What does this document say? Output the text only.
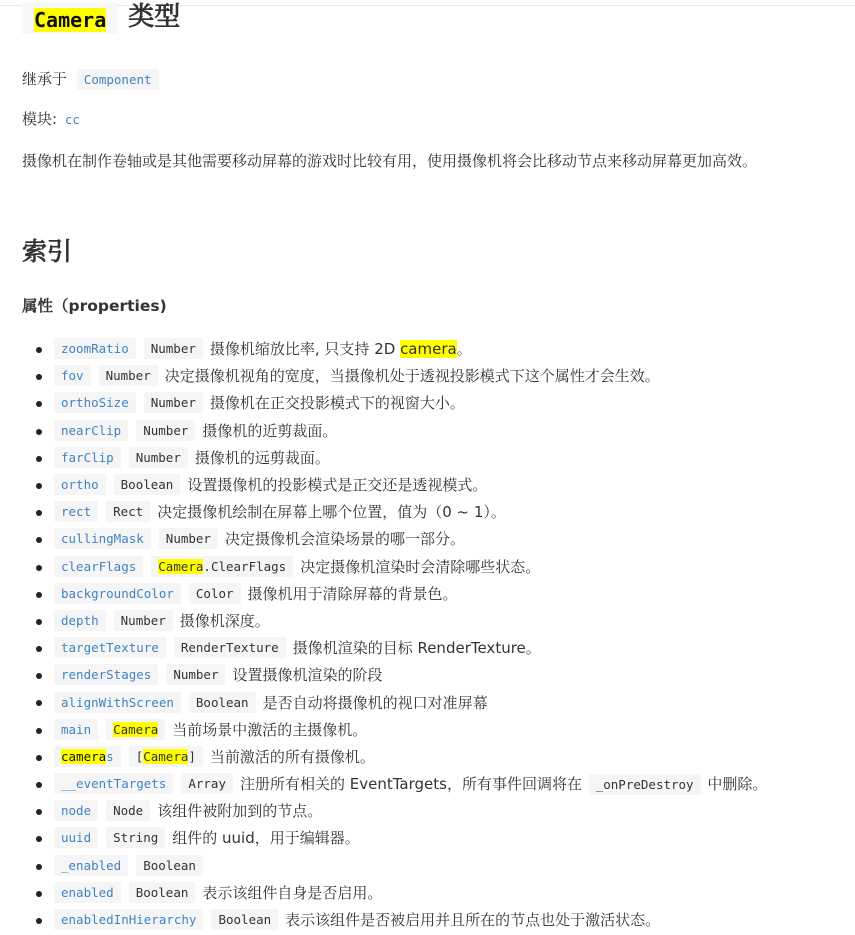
Camera 类型
继承于 Component
模块: cc
摄像机在制作卷轴或是其他需要移动屏幕的游戏时比较有用，使用摄像机将会比移动节点来移动屏幕更加高效。
索引
属性（properties)
zoomRatio	Number 摄像机缩放比率, 只支持 2D camera。
fov	Number 决定摄像机视角的宽度，当摄像机处于透视投影模式下这个属性才会生效。
orthoSize	Number 摄像机在正交投影模式下的视窗大小。
nearClip	Number 摄像机的近剪裁面。
farClip	Number 摄像机的远剪裁面。
ortho	Boolean 设置摄像机的投影模式是正交还是透视模式。
rect	Rect 决定摄像机绘制在屏幕上哪个位置，值为（0 ~ 1）。
cullingMask	Number 决定摄像机会渲染场景的哪一部分。
clearFlags	Camera.ClearFlags 决定摄像机渲染时会清除哪些状态。
backgroundColor	Color 摄像机用于清除屏幕的背景色。
depth	Number 摄像机深度。
targetTexture	RenderTexture 摄像机渲染的目标 RenderTexture。
renderStages	Number 设置摄像机渲染的阶段
alignWithScreen	Boolean 是否自动将摄像机的视口对准屏幕
main	Camera 当前场景中激活的主摄像机。
cameras	[Camera] 当前激活的所有摄像机。
__eventTargets	Array 注册所有相关的 EventTargets，所有事件回调将在 _onPreDestroy 中删除。
node	Node 该组件被附加到的节点。
uuid	String 组件的 uuid，用于编辑器。
_enabled	Boolean
enabled	Boolean 表示该组件自身是否启用。
enabledInHierarchy	Boolean 表示该组件是否被启用并且所在的节点也处于激活状态。
